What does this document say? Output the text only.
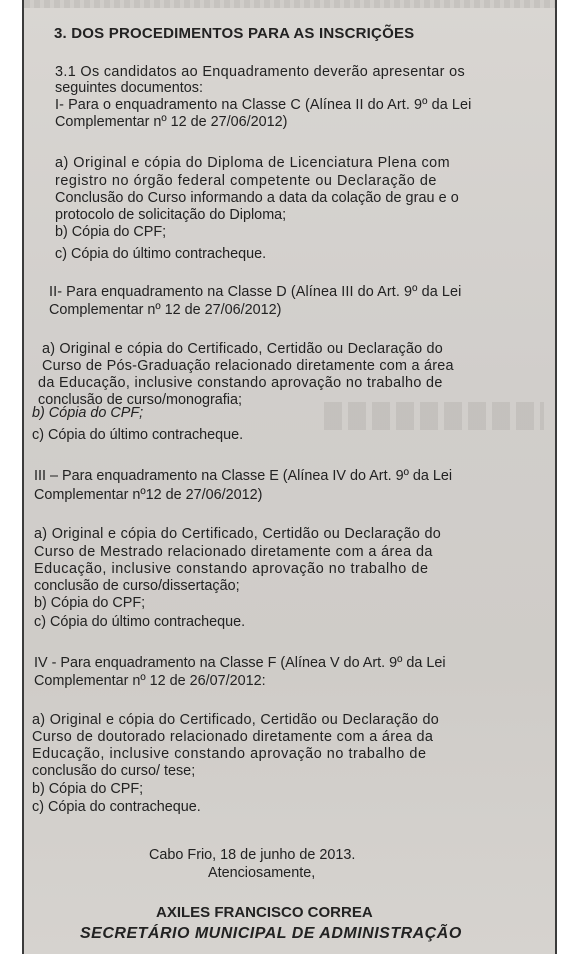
3. DOS PROCEDIMENTOS PARA AS INSCRIÇÕES

3.1 Os candidatos ao Enquadramento deverão apresentar os

seguintes documentos:

I- Para o enquadramento na Classe C (Alínea II do Art. 9º da Lei

Complementar nº 12 de 27/06/2012)

a) Original e cópia do Diploma de Licenciatura Plena com

registro no órgão federal competente ou Declaração de

Conclusão do Curso informando a data da colação de grau e o

protocolo de solicitação do Diploma;

b) Cópia do CPF;

c) Cópia do último contracheque.

II- Para enquadramento na Classe D (Alínea III do Art. 9º da Lei

Complementar nº 12 de 27/06/2012)

a) Original e cópia do Certificado, Certidão ou Declaração do

Curso de Pós-Graduação relacionado diretamente com a área

da Educação, inclusive constando aprovação no trabalho de

conclusão de curso/monografia;

b) Cópia do CPF;

c) Cópia do último contracheque.

III – Para enquadramento na Classe E (Alínea IV do Art. 9º da Lei

Complementar nº12 de 27/06/2012)

a) Original e cópia do Certificado, Certidão ou Declaração do

Curso de Mestrado relacionado diretamente com a área da

Educação, inclusive constando aprovação no trabalho de

conclusão de curso/dissertação;

b) Cópia do CPF;

c) Cópia do último contracheque.

IV - Para enquadramento na Classe F (Alínea V do Art. 9º da Lei

Complementar nº 12 de 26/07/2012:

a) Original e cópia do Certificado, Certidão ou Declaração do

Curso de doutorado relacionado diretamente com a área da

Educação, inclusive constando aprovação no trabalho de

conclusão do curso/ tese;

b) Cópia do CPF;

c) Cópia do contracheque.

Cabo Frio, 18 de junho de 2013.

Atenciosamente,

AXILES FRANCISCO CORREA

SECRETÁRIO MUNICIPAL DE ADMINISTRAÇÃO
